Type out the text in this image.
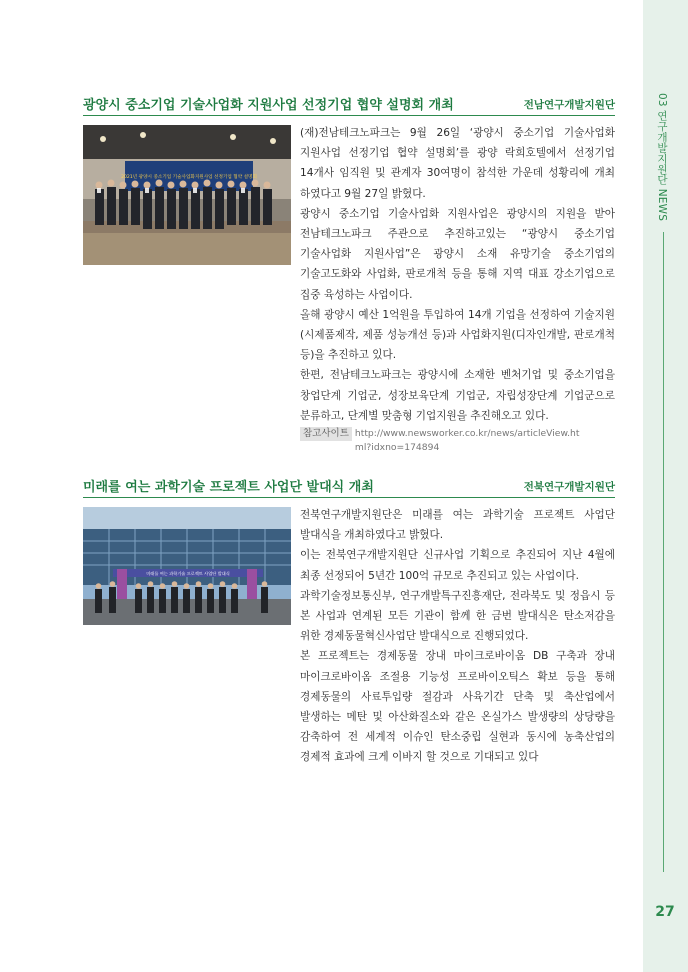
03 연구개발지원단 NEWS
27
광양시 중소기업 기술사업화 지원사업 선정기업 협약 설명회 개최	전남연구개발지원단
2021년 광양시 중소기업 기술사업화지원사업 선정기업 협약 설명회

(재)전남테크노파크는 9월 26일 ‘광양시 중소기업 기술사업화 지원사업 선정기업 협약 설명회’를 광양 락희호텔에서 선정기업 14개사 임직원 및 관계자 30여명이 참석한 가운데 성황리에 개최 하였다고 9월 27일 밝혔다.

광양시 중소기업 기술사업화 지원사업은 광양시의 지원을 받아 전남테크노파크 주관으로 추진하고있는 “광양시 중소기업 기술사업화 지원사업”은 광양시 소재 유망기술 중소기업의 기술고도화와 사업화, 판로개척 등을 통해 지역 대표 강소기업으로 집중 육성하는 사업이다.

올해 광양시 예산 1억원을 투입하여 14개 기업을 선정하여 기술지원(시제품제작, 제품 성능개선 등)과 사업화지원(디자인개발, 판로개척 등)을 추진하고 있다.

한편, 전남테크노파크는 광양시에 소재한 벤처기업 및 중소기업을 창업단계 기업군, 성장보육단계 기업군, 자립성장단계 기업군으로 분류하고, 단계별 맞춤형 기업지원을 추진해오고 있다.

참고사이트 http://www.newsworker.co.kr/news/articleView.html?idxno=174894
미래를 여는 과학기술 프로젝트 사업단 발대식 개최	전북연구개발지원단
미래를 여는 과학기술 프로젝트 사업단 발대식

전북연구개발지원단은 미래를 여는 과학기술 프로젝트 사업단 발대식을 개최하였다고 밝혔다.

이는 전북연구개발지원단 신규사업 기획으로 추진되어 지난 4월에 최종 선정되어 5년간 100억 규모로 추진되고 있는 사업이다.

과학기술정보통신부, 연구개발특구진흥재단, 전라북도 및 정읍시 등 본 사업과 연계된 모든 기관이 함께 한 금번 발대식은 탄소저감을 위한 경제동물혁신사업단 발대식으로 진행되었다.

본 프로젝트는 경제동물 장내 마이크로바이옴 DB 구축과 장내 마이크로바이옴 조절용 기능성 프로바이오틱스 확보 등을 통해 경제동물의 사료투입량 절감과 사육기간 단축 및 축산업에서 발생하는 메탄 및 아산화질소와 같은 온실가스 발생량의 상당량을 감축하여 전 세계적 이슈인 탄소중립 실현과 동시에 농축산업의 경제적 효과에 크게 이바지 할 것으로 기대되고 있다
